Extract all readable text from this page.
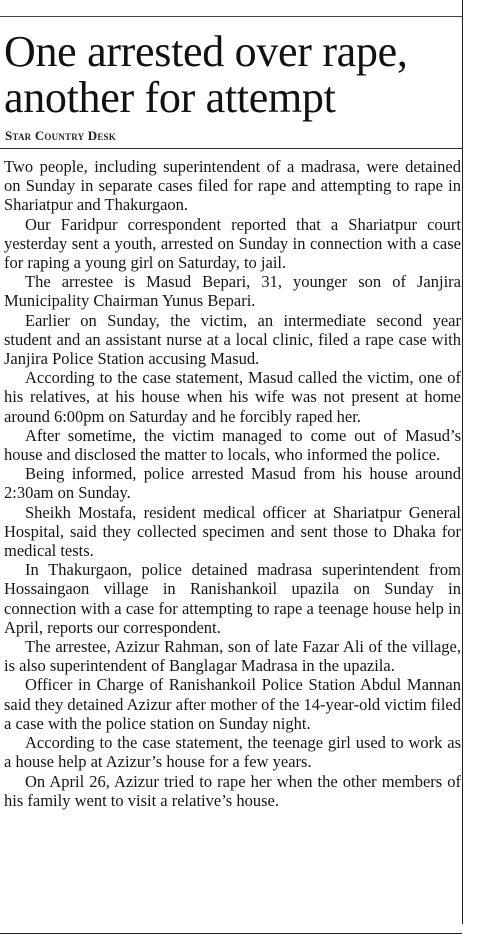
One arrested over rape, another for attempt
Star Country Desk

Two people, including superintendent of a madrasa, were detained on Sunday in separate cases filed for rape and attempting to rape in Shariatpur and Thakurgaon.

Our Faridpur correspondent reported that a Shariatpur court yesterday sent a youth, arrested on Sunday in connection with a case for raping a young girl on Saturday, to jail.

The arrestee is Masud Bepari, 31, younger son of Janjira Municipality Chairman Yunus Bepari.

Earlier on Sunday, the victim, an intermediate second year student and an assistant nurse at a local clinic, filed a rape case with Janjira Police Station accusing Masud.

According to the case statement, Masud called the victim, one of his relatives, at his house when his wife was not present at home around 6:00pm on Saturday and he forcibly raped her.

After sometime, the victim managed to come out of Masud’s house and disclosed the matter to locals, who informed the police.

Being informed, police arrested Masud from his house around 2:30am on Sunday.

Sheikh Mostafa, resident medical officer at Shariatpur General Hospital, said they collected specimen and sent those to Dhaka for medical tests.

In Thakurgaon, police detained madrasa superintendent from Hossaingaon village in Ranishankoil upazila on Sunday in connection with a case for attempting to rape a teenage house help in April, reports our correspondent.

The arrestee, Azizur Rahman, son of late Fazar Ali of the village, is also superintendent of Banglagar Madrasa in the upazila.

Officer in Charge of Ranishankoil Police Station Abdul Mannan said they detained Azizur after mother of the 14-year-old victim filed a case with the police station on Sunday night.

According to the case statement, the teenage girl used to work as a house help at Azizur’s house for a few years.

On April 26, Azizur tried to rape her when the other members of his family went to visit a relative’s house.
